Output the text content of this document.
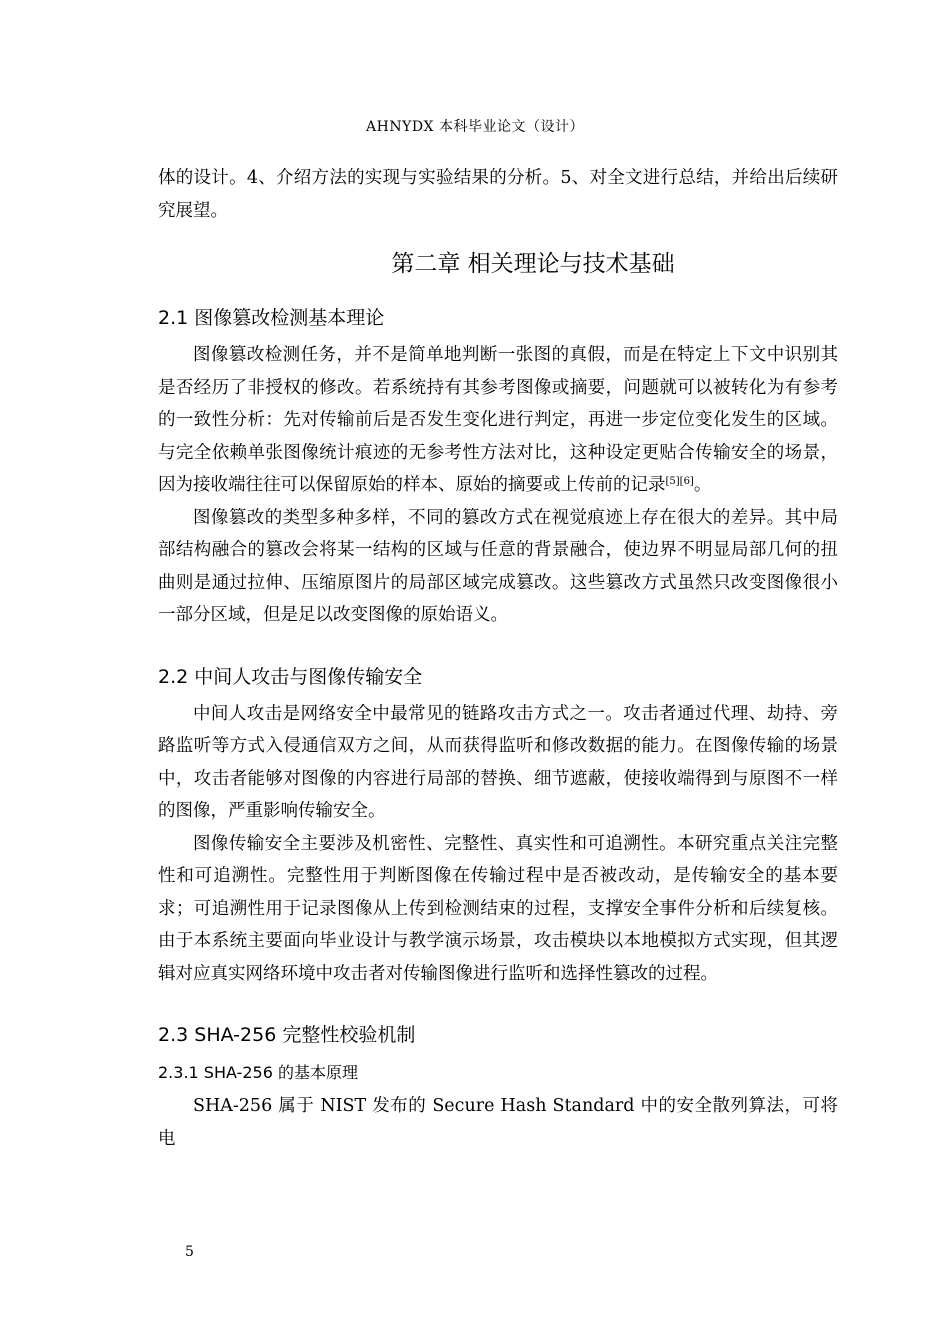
AHNYDX 本科毕业论文（设计）

体的设计。4、介绍方法的实现与实验结果的分析。5、对全文进行总结，并给出后续研究展望。

第二章 相关理论与技术基础
2.1 图像篡改检测基本理论

图像篡改检测任务，并不是简单地判断一张图的真假，而是在特定上下文中识别其是否经历了非授权的修改。若系统持有其参考图像或摘要，问题就可以被转化为有参考的一致性分析：先对传输前后是否发生变化进行判定，再进一步定位变化发生的区域。与完全依赖单张图像统计痕迹的无参考性方法对比，这种设定更贴合传输安全的场景，因为接收端往往可以保留原始的样本、原始的摘要或上传前的记录[5][6]。

图像篡改的类型多种多样，不同的篡改方式在视觉痕迹上存在很大的差异。其中局部结构融合的篡改会将某一结构的区域与任意的背景融合，使边界不明显局部几何的扭曲则是通过拉伸、压缩原图片的局部区域完成篡改。这些篡改方式虽然只改变图像很小一部分区域，但是足以改变图像的原始语义。

2.2 中间人攻击与图像传输安全

中间人攻击是网络安全中最常见的链路攻击方式之一。攻击者通过代理、劫持、旁路监听等方式入侵通信双方之间，从而获得监听和修改数据的能力。在图像传输的场景中，攻击者能够对图像的内容进行局部的替换、细节遮蔽，使接收端得到与原图不一样的图像，严重影响传输安全。

图像传输安全主要涉及机密性、完整性、真实性和可追溯性。本研究重点关注完整性和可追溯性。完整性用于判断图像在传输过程中是否被改动，是传输安全的基本要求；可追溯性用于记录图像从上传到检测结束的过程，支撑安全事件分析和后续复核。由于本系统主要面向毕业设计与教学演示场景，攻击模块以本地模拟方式实现，但其逻辑对应真实网络环境中攻击者对传输图像进行监听和选择性篡改的过程。

2.3 SHA-256 完整性校验机制
2.3.1 SHA-256 的基本原理

SHA-256 属于 NIST 发布的 Secure Hash Standard 中的安全散列算法，可将电

5
